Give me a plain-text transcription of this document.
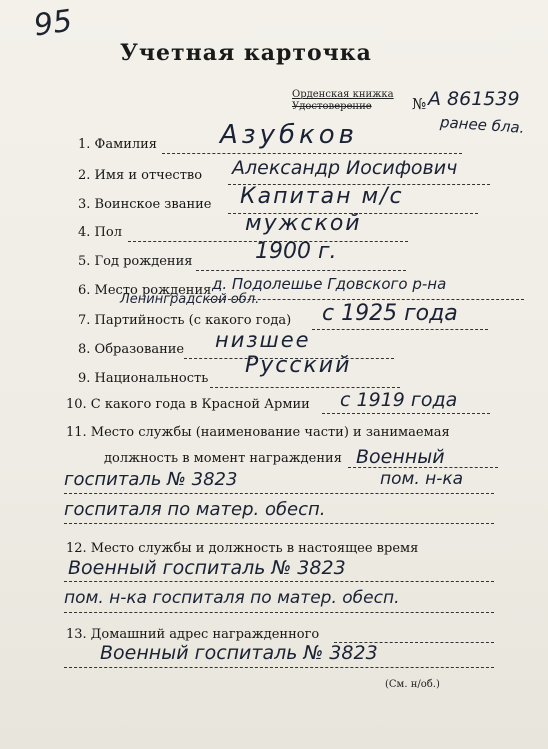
95
Учетная карточка
Орденская книжка
Удостоверение	№ А 861539
ранее бла.
1. Фамилия Азубков
2. Имя и отчество Александр Иосифович
3. Воинское звание Капитан м/с
4. Пол	мужской
5. Год рождения	1900 г.
6. Место рождения д. Подолешье Гдовского р-на
Ленинградской обл.
7. Партийность (с какого года) с 1925 года
8. Образование низшее
9. Национальность
Русский
10. С какого года в Красной Армии с 1919 года
11. Место службы (наименование части) и занимаемая
должность в момент награждения Военный
госпиталь № 3823	пом. н-ка
госпиталя по матер. обесп.
12. Место службы и должность в настоящее время
Военный госпиталь № 3823
пом. н-ка госпиталя по матер. обесп.
13. Домашний адрес награжденного
Военный госпиталь № 3823
(См. н/об.)
